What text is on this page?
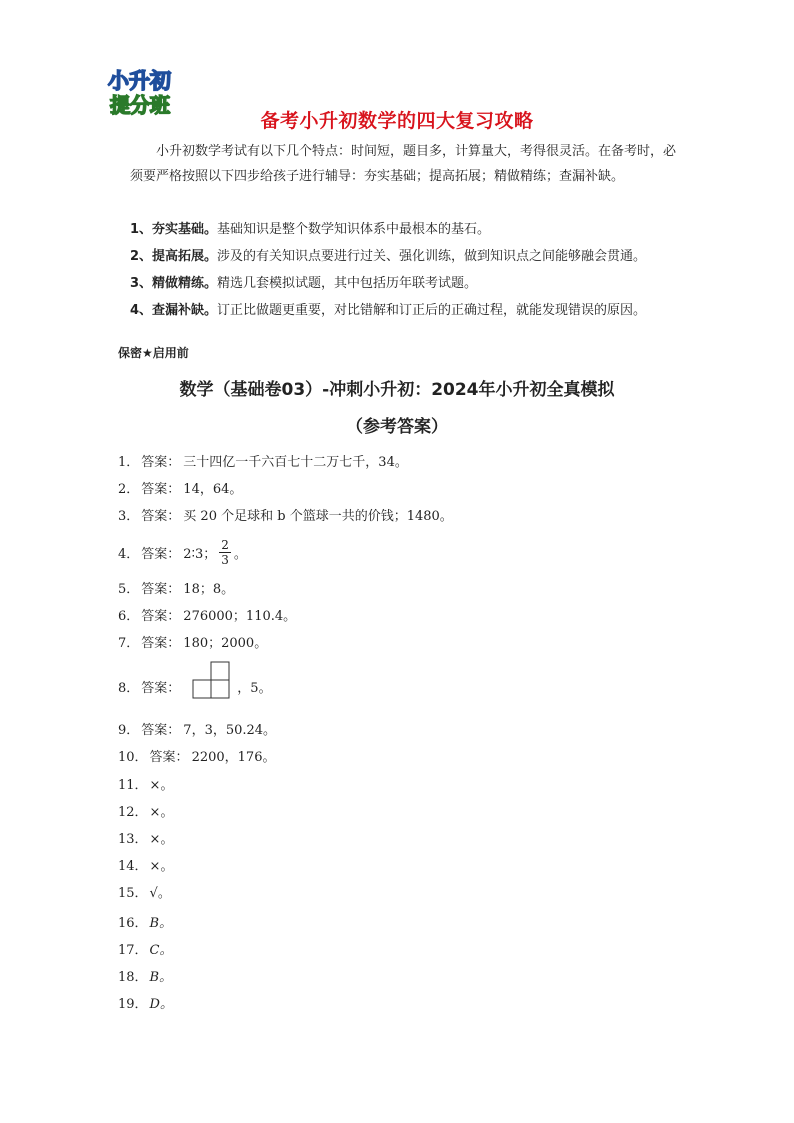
小升初
提分班
备考小升初数学的四大复习攻略
小升初数学考试有以下几个特点：时间短，题目多，计算量大，考得很灵活。在备考时，必须要严格按照以下四步给孩子进行辅导：夯实基础；提高拓展；精做精练；查漏补缺。
1、夯实基础。基础知识是整个数学知识体系中最根本的基石。
2、提高拓展。涉及的有关知识点要进行过关、强化训练，做到知识点之间能够融会贯通。
3、精做精练。精选几套模拟试题，其中包括历年联考试题。
4、查漏补缺。订正比做题更重要，对比错解和订正后的正确过程，就能发现错误的原因。
保密★启用前
数学（基础卷03）-冲刺小升初：2024年小升初全真模拟
（参考答案）
1． 答案： 三十四亿一千六百七十二万七千，34。
2． 答案： 14，64。
3． 答案： 买 20 个足球和 b 个篮球一共的价钱；1480。
4． 答案： 2∶3； $\frac{2}{3}$ 。
5． 答案： 18；8。
6． 答案： 276000；110.4。
7． 答案： 180；2000。
8． 答案：	，5。
9． 答案： 7，3，50.24。
10． 答案： 2200，176。
11． ×。
12． ×。
13． ×。
14． ×。
15． √。
16． B。
17． C。
18． B。
19． D。
